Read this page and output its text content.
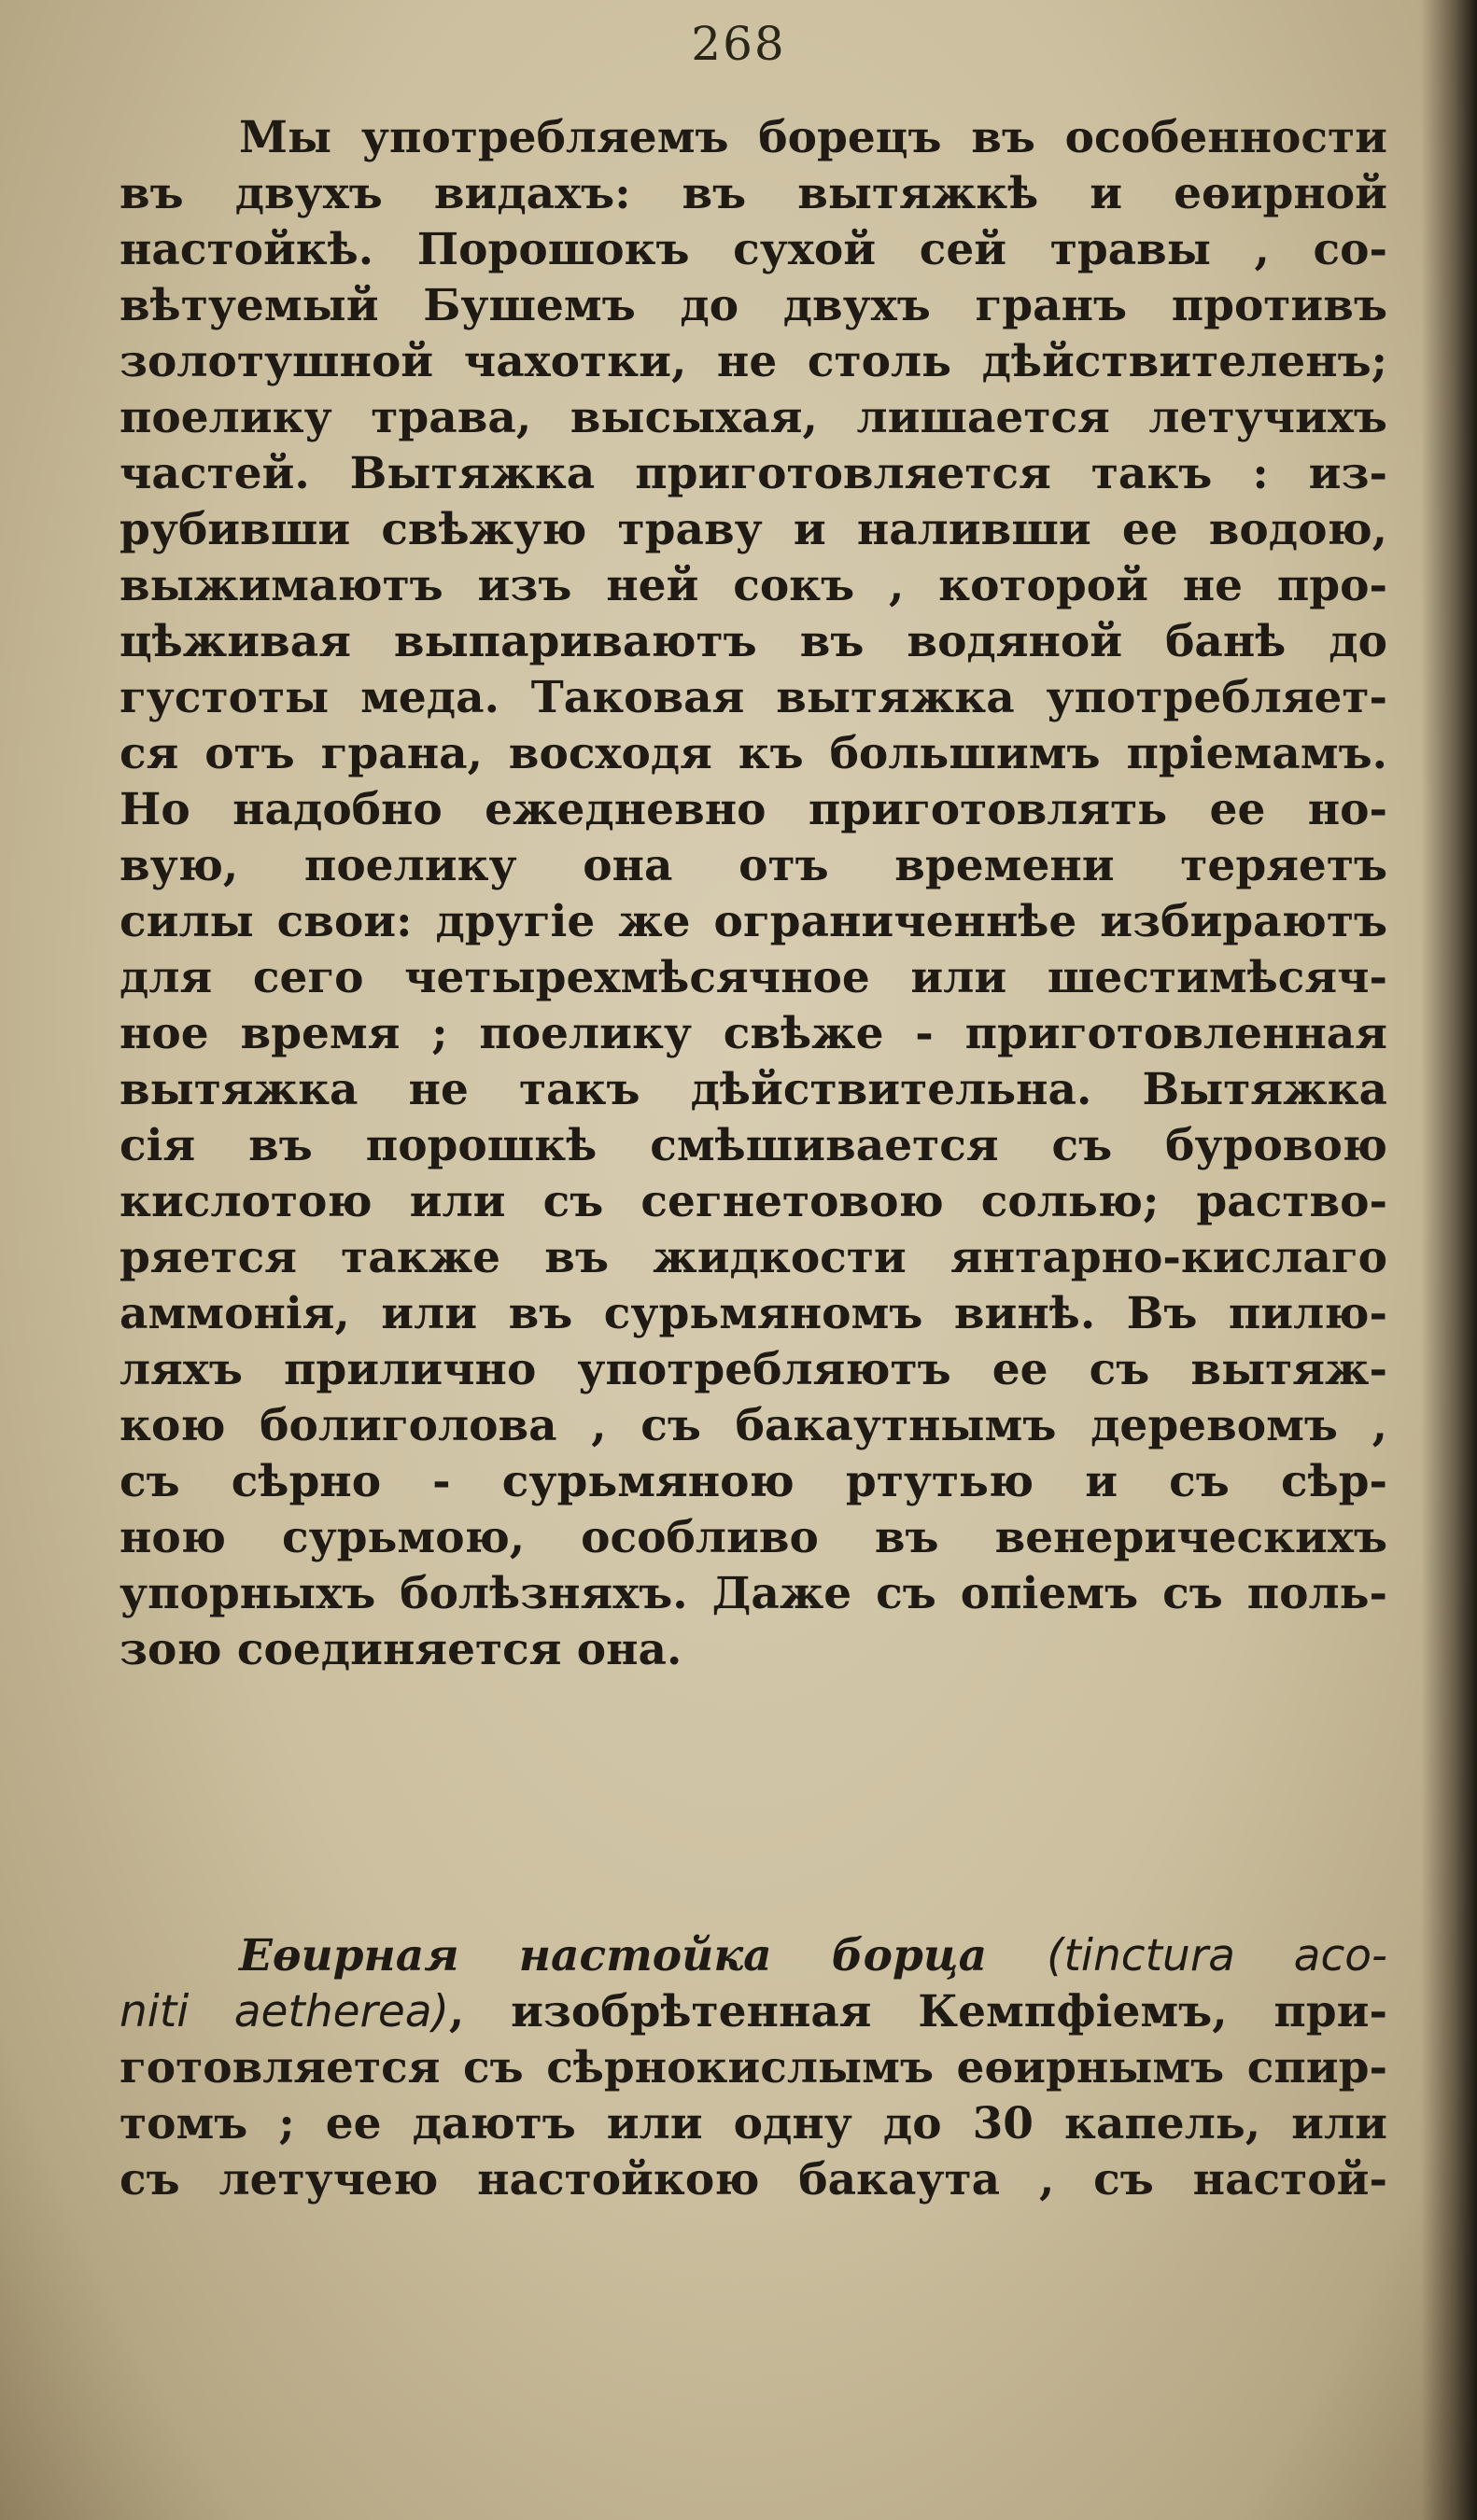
268
Мы употребляемъ борецъ въ особенности
въ двухъ видахъ: въ вытяжкѣ и еѳирной
настойкѣ. Порошокъ сухой сей травы , со-
вѣтуемый Бушемъ до двухъ гранъ противъ
золотушной чахотки, не столь дѣйствителенъ;
поелику трава, высыхая, лишается летучихъ
частей. Вытяжка приготовляется такъ : из-
рубивши свѣжую траву и наливши ее водою,
выжимаютъ изъ ней сокъ , которой не про-
цѣживая выпариваютъ въ водяной банѣ до
густоты меда. Таковая вытяжка употребляет-
ся отъ грана, восходя къ большимъ пріемамъ.
Но надобно ежедневно приготовлять ее но-
вую, поелику она отъ времени теряетъ
силы свои: другіе же ограниченнѣе избираютъ
для сего четырехмѣсячное или шестимѣсяч-
ное время ; поелику свѣже - приготовленная
вытяжка не такъ дѣйствительна. Вытяжка
сія въ порошкѣ смѣшивается съ буровою
кислотою или съ сегнетовою солью; раство-
ряется также въ жидкости янтарно-кислаго
аммонія, или въ сурьмяномъ винѣ. Въ пилю-
ляхъ прилично употребляютъ ее съ вытяж-
кою болиголова , съ бакаутнымъ деревомъ ,
съ сѣрно - сурьмяною ртутью и съ сѣр-
ною сурьмою, особливо въ венерическихъ
упорныхъ болѣзняхъ. Даже съ опіемъ съ поль-
зою соединяется она.
Еѳирная настойка борца (tinctura aco-
niti aetherea), изобрѣтенная Кемпфіемъ, при-
готовляется съ сѣрнокислымъ еѳирнымъ спир-
томъ ; ее даютъ или одну до 30 капель, или
съ летучею настойкою бакаута , съ настой-
